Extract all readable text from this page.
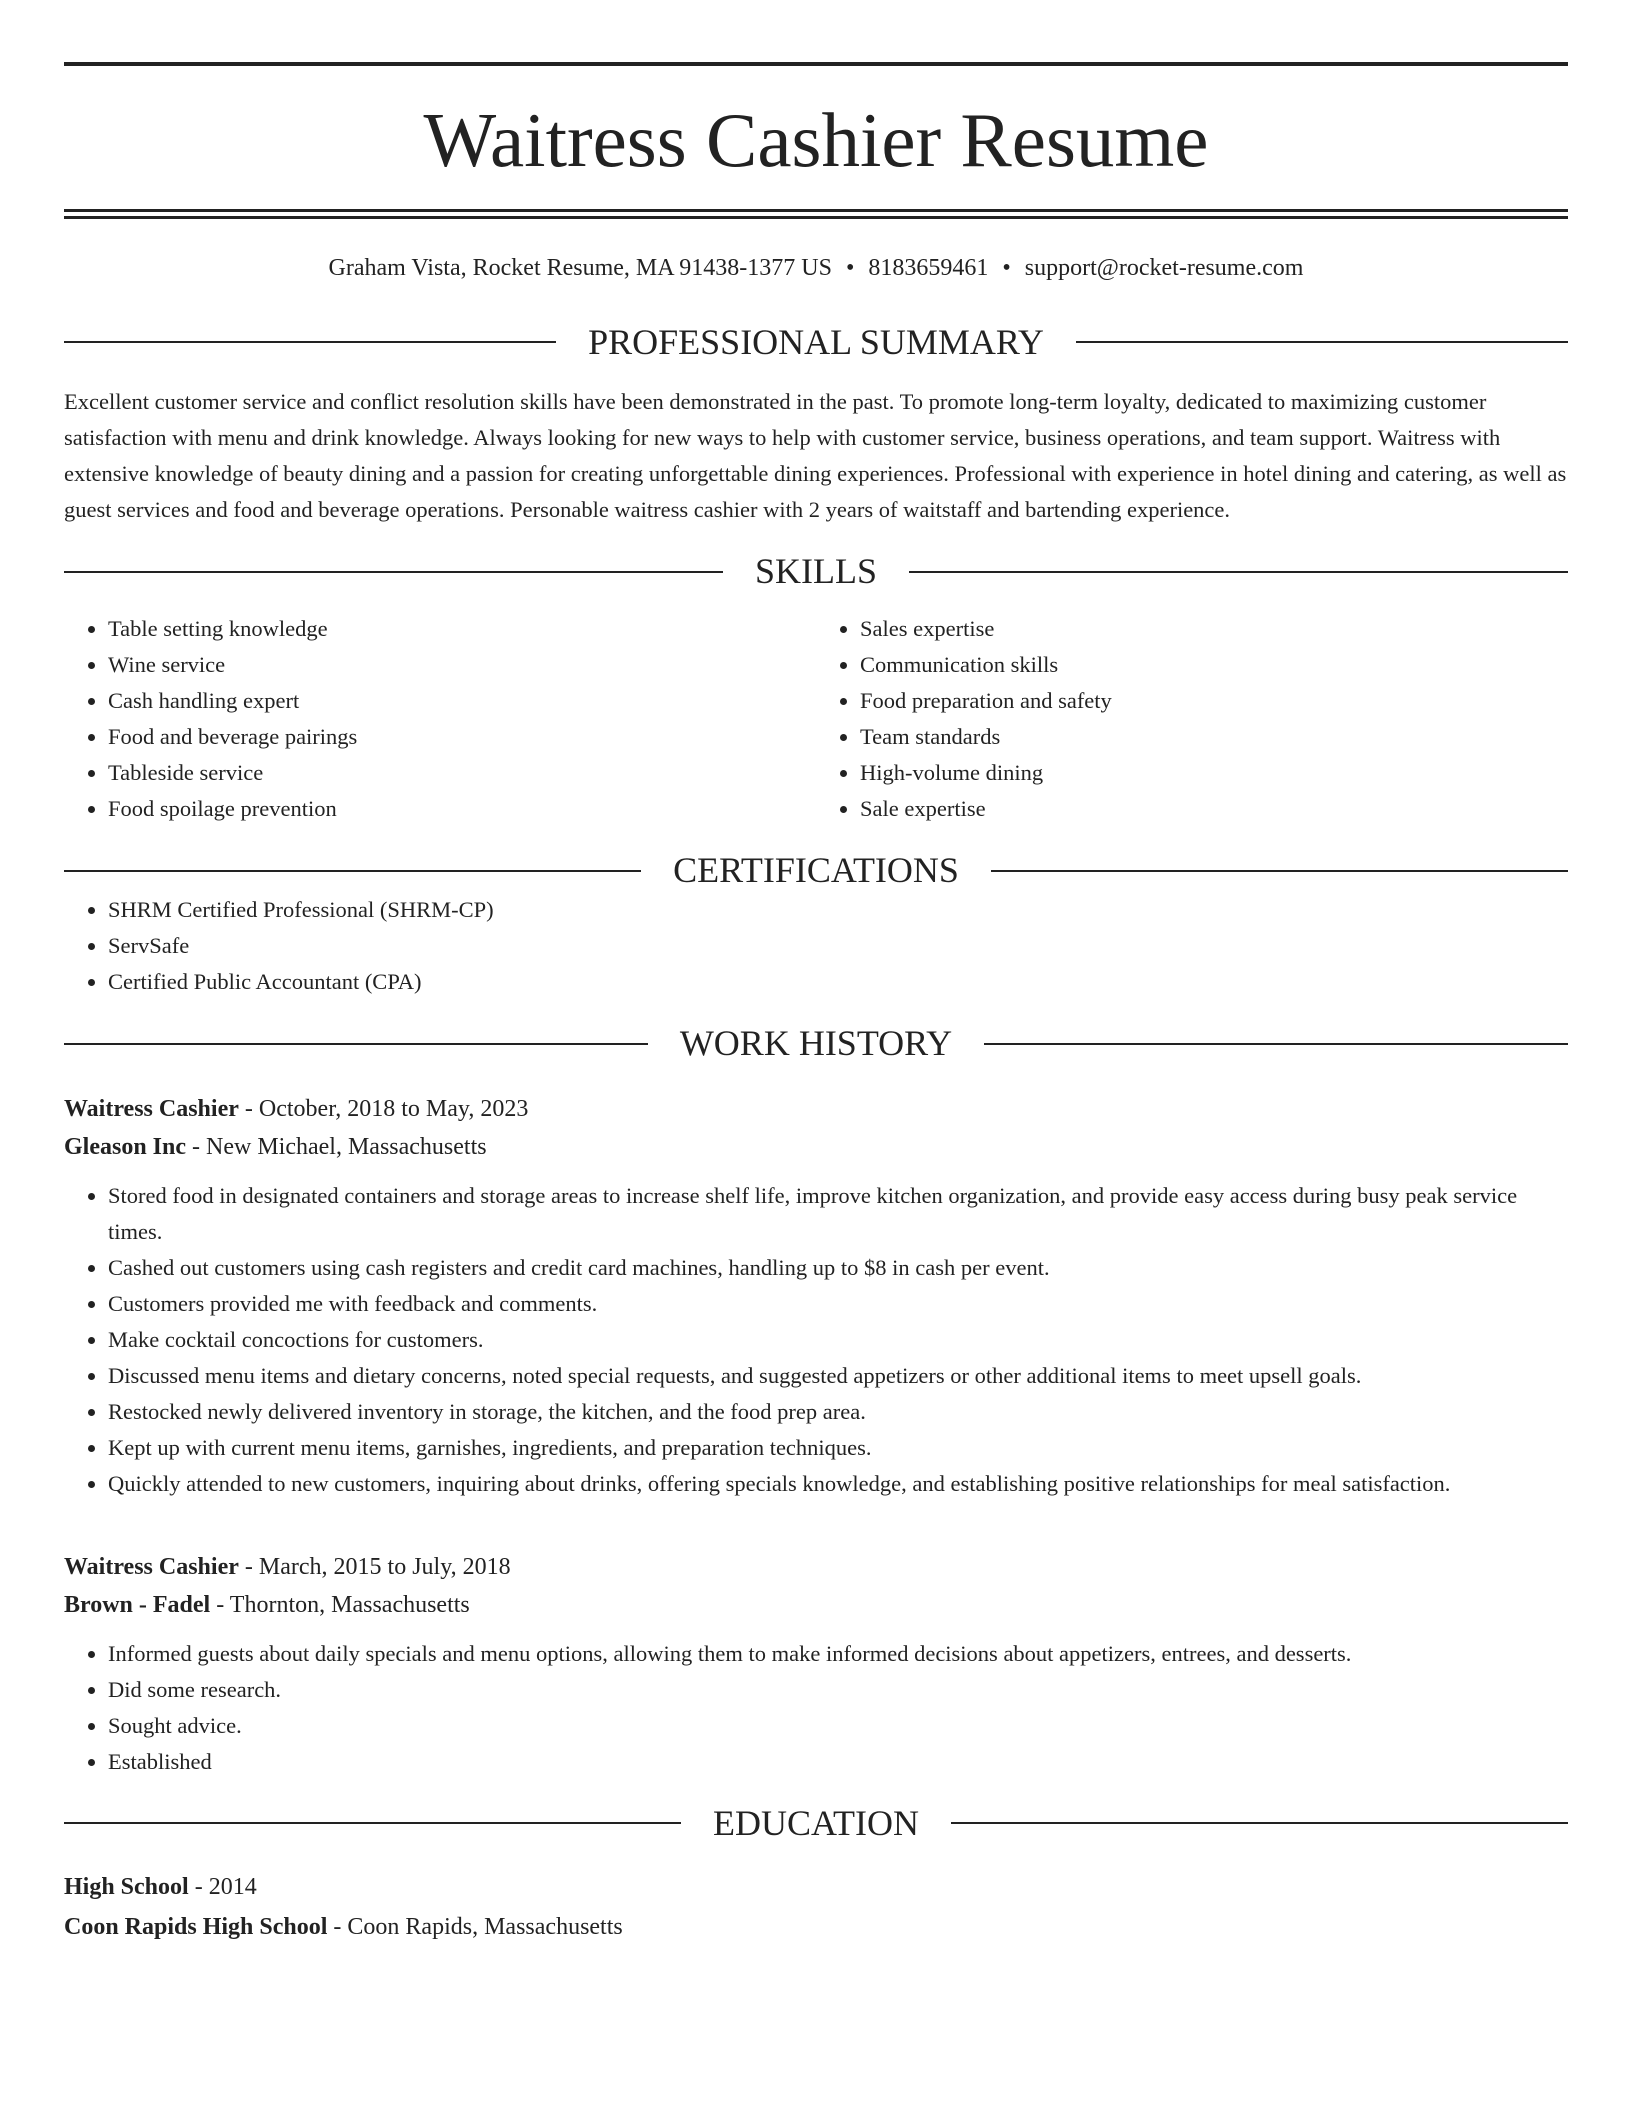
Waitress Cashier Resume
Graham Vista, Rocket Resume, MA 91438-1377 US • 8183659461 • support@rocket-resume.com
PROFESSIONAL SUMMARY

Excellent customer service and conflict resolution skills have been demonstrated in the past. To promote long-term loyalty, dedicated to maximizing customer satisfaction with menu and drink knowledge. Always looking for new ways to help with customer service, business operations, and team support. Waitress with extensive knowledge of beauty dining and a passion for creating unforgettable dining experiences. Professional with experience in hotel dining and catering, as well as guest services and food and beverage operations. Personable waitress cashier with 2 years of waitstaff and bartending experience.

SKILLS
• Table setting knowledge
• Wine service
• Cash handling expert
• Food and beverage pairings
• Tableside service
• Food spoilage prevention
• Sales expertise
• Communication skills
• Food preparation and safety
• Team standards
• High-volume dining
• Sale expertise
CERTIFICATIONS
• SHRM Certified Professional (SHRM-CP)
• ServSafe
• Certified Public Accountant (CPA)
WORK HISTORY
Waitress Cashier - October, 2018 to May, 2023
Gleason Inc - New Michael, Massachusetts
• Stored food in designated containers and storage areas to increase shelf life, improve kitchen organization, and provide easy access during busy peak service times.
• Cashed out customers using cash registers and credit card machines, handling up to $8 in cash per event.
• Customers provided me with feedback and comments.
• Make cocktail concoctions for customers.
• Discussed menu items and dietary concerns, noted special requests, and suggested appetizers or other additional items to meet upsell goals.
• Restocked newly delivered inventory in storage, the kitchen, and the food prep area.
• Kept up with current menu items, garnishes, ingredients, and preparation techniques.
• Quickly attended to new customers, inquiring about drinks, offering specials knowledge, and establishing positive relationships for meal satisfaction.
Waitress Cashier - March, 2015 to July, 2018
Brown - Fadel - Thornton, Massachusetts
• Informed guests about daily specials and menu options, allowing them to make informed decisions about appetizers, entrees, and desserts.
• Did some research.
• Sought advice.
• Established
EDUCATION
High School - 2014
Coon Rapids High School - Coon Rapids, Massachusetts
